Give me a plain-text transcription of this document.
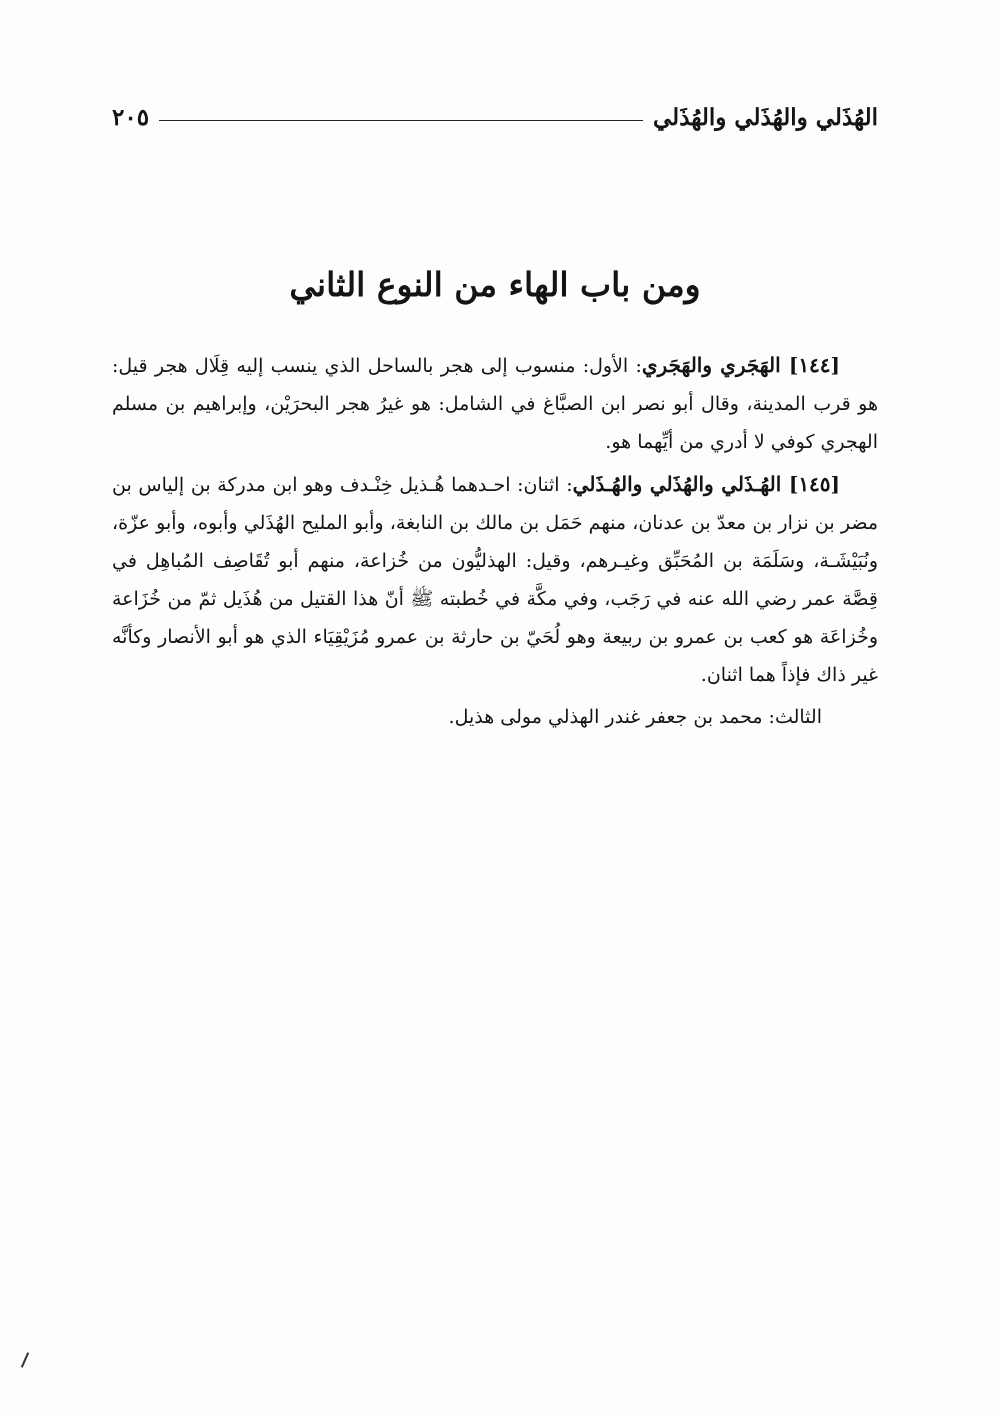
الهُذَلي والهُذَلي والهُذَلي
٢٠٥
ومن باب الهاء من النوع الثاني

[١٤٤] الهَجَري والهَجَري: الأول: منسوب إلى هجر بالساحل الذي ينسب إليه قِلَال هجر قيل: هو قرب المدينة، وقال أبو نصر ابن الصبَّاغ في الشامل: هو غيرُ هجر البحرَيْن، وإبراهيم بن مسلم الهجري كوفي لا أدري من أيِّهما هو.

[١٤٥] الهُـذَلي والهُذَلي والهُـذَلي: اثنان: احـدهما هُـذيل خِنْـدف وهو ابن مدركة بن إلياس بن مضر بن نزار بن معدّ بن عدنان، منهم حَمَل بن مالك بن النابغة، وأبو المليح الهُذَلي وأبوه، وأبو عزّة، ونُبَيْشَـة، وسَلَمَة بن المُحَبِّق وغيـرهم، وقيل: الهذليُّون من خُزاعة، منهم أبو تُقَاصِف المُباهِل في قِصَّة عمر رضي الله عنه في رَجَب، وفي مكَّة في خُطبته ﷺ أنّ هذا القتيل من هُذَيل ثمّ من خُزَاعة وخُزاعَة هو كعب بن عمرو بن ربيعة وهو لُحَيّ بن حارثة بن عمرو مُزَيْقِيَاء الذي هو أبو الأنصار وكأنَّه غير ذاك فإذاً هما اثنان.

الثالث: محمد بن جعفر غندر الهذلي مولى هذيل.
